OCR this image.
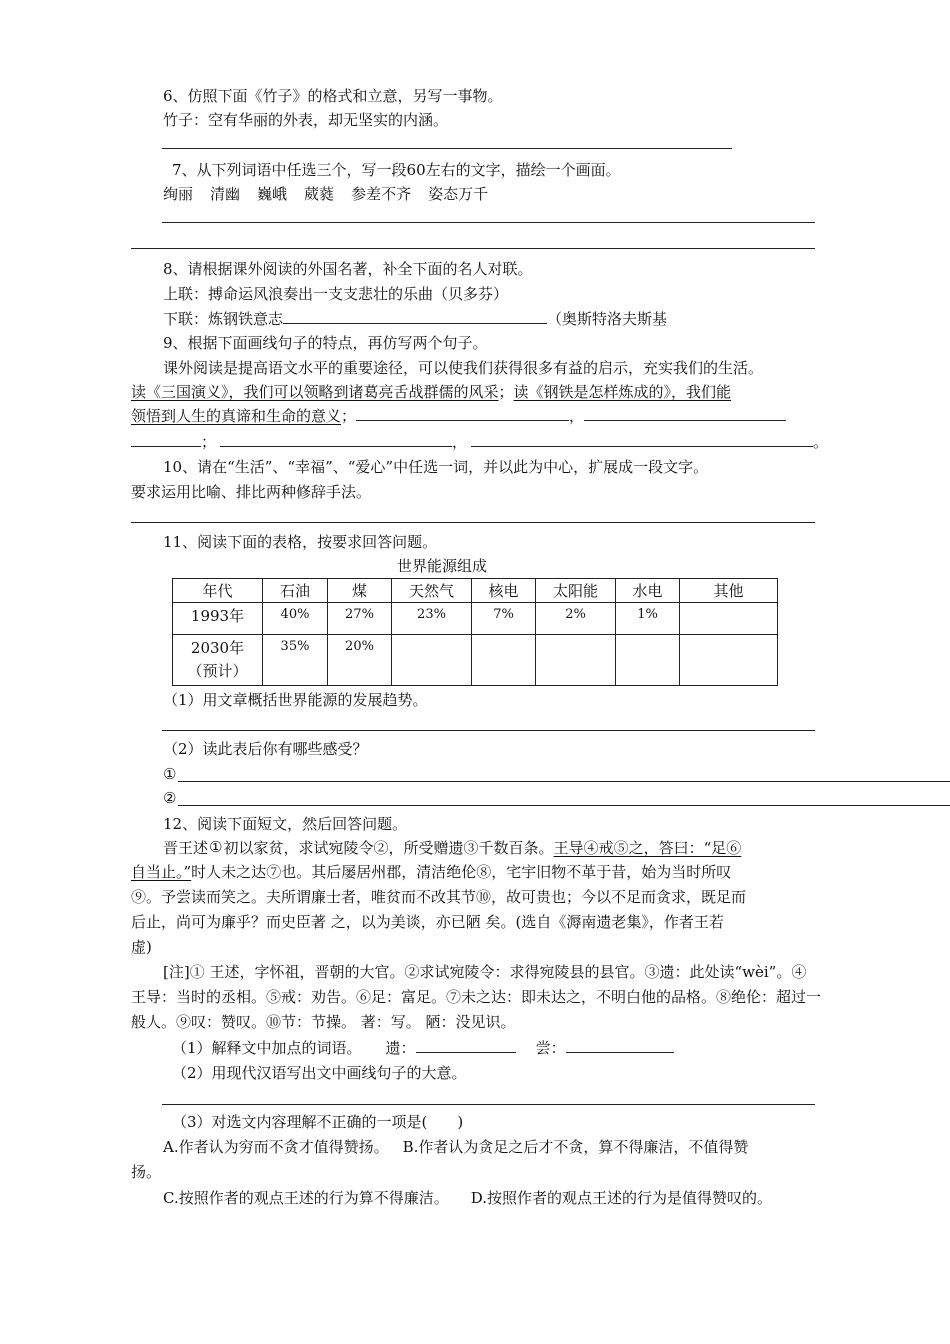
6、仿照下面《竹子》的格式和立意，另写一事物。
竹子：空有华丽的外表，却无坚实的内涵。
7、从下列词语中任选三个，写一段60左右的文字，描绘一个画面。
绚丽 清幽 巍峨 葳蕤 参差不齐 姿态万千
8、请根据课外阅读的外国名著，补全下面的名人对联。
上联：搏命运风浪奏出一支支悲壮的乐曲（贝多芬）
下联：炼钢铁意志	（奥斯特洛夫斯基
9、根据下面画线句子的特点，再仿写两个句子。
课外阅读是提高语文水平的重要途径，可以使我们获得很多有益的启示，充实我们的生活。
读《三国演义》，我们可以领略到诸葛亮舌战群儒的风采；读《钢铁是怎样炼成的》，我们能
领悟到人生的真谛和生命的意义；	，
；	，	。
10、请在“生活”、“幸福”、“爱心”中任选一词，并以此为中心，扩展成一段文字。
要求运用比喻、排比两种修辞手法。
11、阅读下面的表格，按要求回答问题。
世界能源组成
年代	石油	煤	天然气	核电	太阳能	水电	其他
1993年	40%	27%	23%	7%	2%	1%	

2030年
（预计）	35%	20%					
（1）用文章概括世界能源的发展趋势。
（2）读此表后你有哪些感受？
①
②
12、阅读下面短文，然后回答问题。
晋王述①初以家贫，求试宛陵令②，所受赠遗③千数百条。王导④戒⑤之，答曰：“足⑥
自当止。”时人未之达⑦也。其后屡居州郡，清洁绝伦⑧，宅宇旧物不革于昔，始为当时所叹
⑨。予尝读而笑之。夫所谓廉士者，唯贫而不改其节⑩，故可贵也；今以不足而贪求，既足而
后止，尚可为廉乎？而史臣著 之，以为美谈，亦已陋 矣。(选自《溽南遗老集》，作者王若
虚)
[注]① 王述，字怀祖，晋朝的大官。②求试宛陵令：求得宛陵县的县官。③遗：此处读“wèi”。④
王导：当时的丞相。⑤戒：劝告。⑥足：富足。⑦未之达：即未达之，不明白他的品格。⑧绝伦：超过一
般人。⑨叹：赞叹。⑩节：节操。 著：写。 陋：没见识。
（1）解释文中加点的词语。 遗：	尝：
（2）用现代汉语写出文中画线句子的大意。
（3）对选文内容理解不正确的一项是(　　)
A.作者认为穷而不贪才值得赞扬。 B.作者认为贪足之后才不贪，算不得廉洁，不值得赞
扬。
C.按照作者的观点王述的行为算不得廉洁。 D.按照作者的观点王述的行为是值得赞叹的。
